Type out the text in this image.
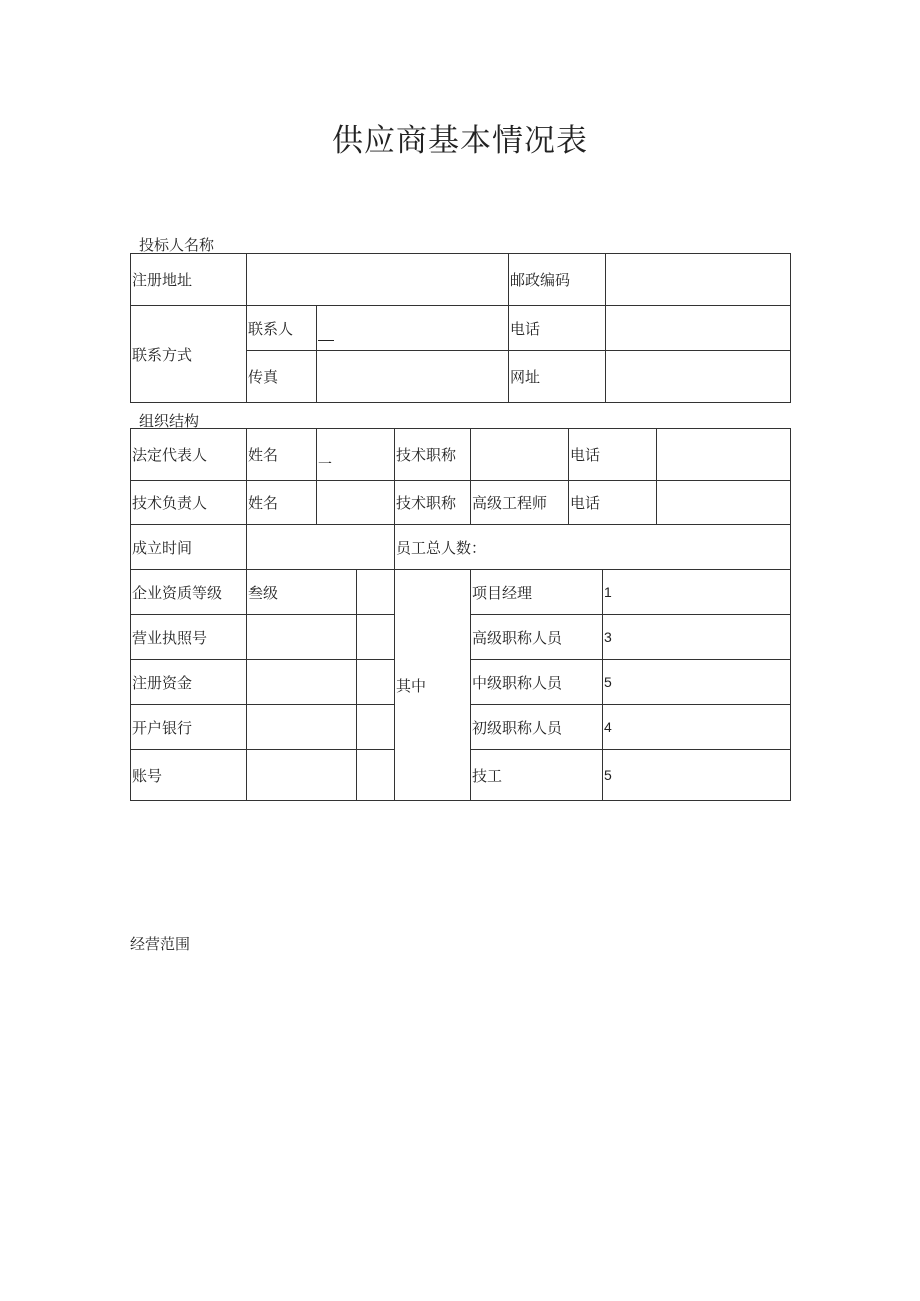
供应商基本情况表
投标人名称
注册地址			邮政编码	
联系方式	联系人		电话	
	传真		网址	
组织结构
法定代表人	姓名	一		技术职称		电话		
技术负责人	姓名			技术职称	高级工程师	电话		
成立时间				员工总人数：				
企业资质等级	叁级			其中	项目经理		1	
营业执照号					高级职称人员		3	
注册资金					中级职称人员		5	
开户银行					初级职称人员		4	
账号					技工		5	
经营范围
